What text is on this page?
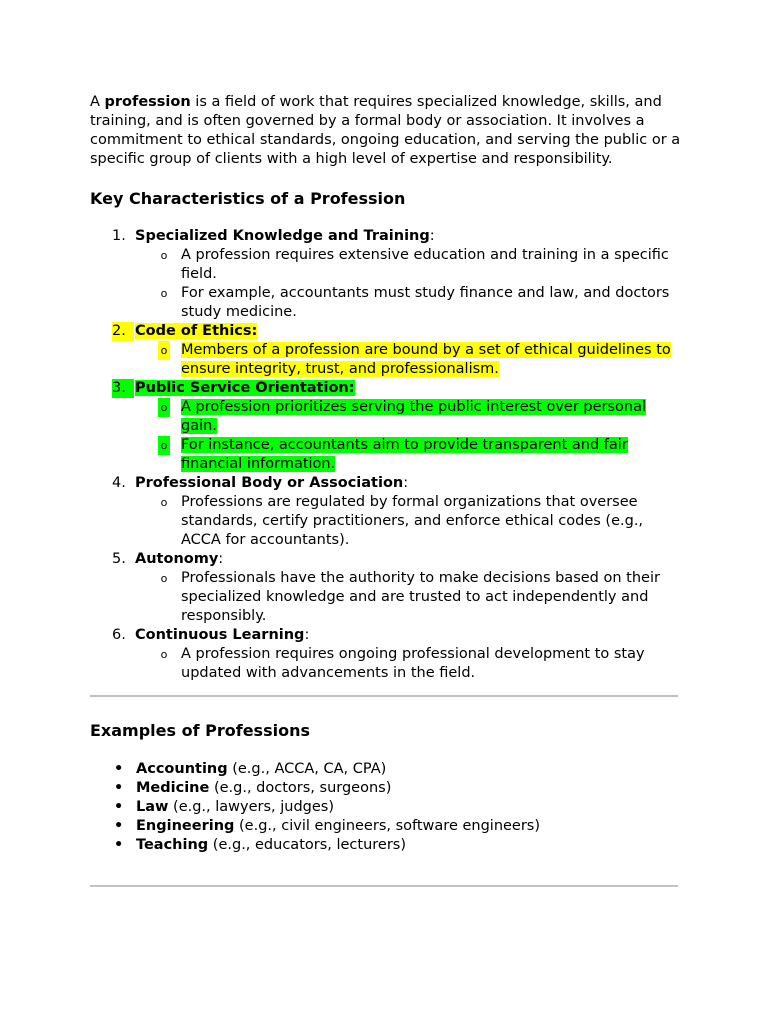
A profession is a field of work that requires specialized knowledge, skills, and training, and is often governed by a formal body or association. It involves a commitment to ethical standards, ongoing education, and serving the public or a specific group of clients with a high level of expertise and responsibility.

Key Characteristics of a Profession
1. Specialized Knowledge and Training:
o A profession requires extensive education and training in a specific field.
o For example, accountants must study finance and law, and doctors study medicine.
2. Code of Ethics:
o Members of a profession are bound by a set of ethical guidelines to ensure integrity, trust, and professionalism.
3. Public Service Orientation:
o A profession prioritizes serving the public interest over personal gain.
o For instance, accountants aim to provide transparent and fair financial information.
4. Professional Body or Association:
o Professions are regulated by formal organizations that oversee standards, certify practitioners, and enforce ethical codes (e.g., ACCA for accountants).
5. Autonomy:
o Professionals have the authority to make decisions based on their specialized knowledge and are trusted to act independently and responsibly.
6. Continuous Learning:
o A profession requires ongoing professional development to stay updated with advancements in the field.
Examples of Professions
• Accounting (e.g., ACCA, CA, CPA)
• Medicine (e.g., doctors, surgeons)
• Law (e.g., lawyers, judges)
• Engineering (e.g., civil engineers, software engineers)
• Teaching (e.g., educators, lecturers)
